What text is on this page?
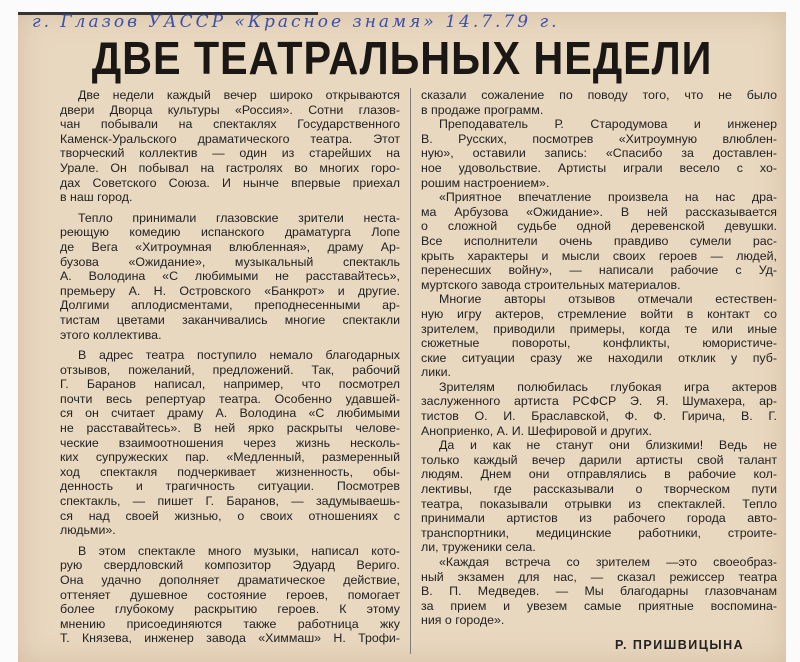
г. Глазов УАССР «Красное знамя» 14.7.79 г.
ДВЕ ТЕАТРАЛЬНЫХ НЕДЕЛИ

Две недели каждый вечер широко открываются
двери Дворца культуры «Россия». Сотни глазов-
чан побывали на спектаклях Государственного
Каменск-Уральского драматического театра. Этот
творческий коллектив — один из старейших на
Урале. Он побывал на гастролях во многих горо-
дах Советского Союза. И нынче впервые приехал
в наш город.

Тепло принимали глазовские зрители неста-
реющую комедию испанского драматурга Лопе
де Вега «Хитроумная влюбленная», драму Ар-
бузова «Ожидание», музыкальный спектакль
А. Володина «С любимыми не расставайтесь»,
премьеру А. Н. Островского «Банкрот» и другие.
Долгими аплодисментами, преподнесенными ар-
тистам цветами заканчивались многие спектакли
этого коллектива.

В адрес театра поступило немало благодарных
отзывов, пожеланий, предложений. Так, рабочий
Г. Баранов написал, например, что посмотрел
почти весь репертуар театра. Особенно удавшей-
ся он считает драму А. Володина «С любимыми
не расставайтесь». В ней ярко раскрыты челове-
ческие взаимоотношения через жизнь несколь-
ких супружеских пар. «Медленный, размеренный
ход спектакля подчеркивает жизненность, обы-
денность и трагичность ситуации. Посмотрев
спектакль, — пишет Г. Баранов, — задумываешь-
ся над своей жизнью, о своих отношениях с
людьми».

В этом спектакле много музыки, написал кото-
рую свердловский композитор Эдуард Вериго.
Она удачно дополняет драматическое действие,
оттеняет душевное состояние героев, помогает
более глубокому раскрытию героев. К этому
мнению присоединяются также работница жку
Т. Князева, инженер завода «Химмаш» Н. Трофи-

сказали сожаление по поводу того, что не было
в продаже программ.

Преподаватель Р. Стародумова и инженер
В. Русских, посмотрев «Хитроумную влюблен-
ную», оставили запись: «Спасибо за доставлен-
ное удовольствие. Артисты играли весело с хо-
рошим настроением».

«Приятное впечатление произвела на нас дра-
ма Арбузова «Ожидание». В ней рассказывается
о сложной судьбе одной деревенской девушки.
Все исполнители очень правдиво сумели рас-
крыть характеры и мысли своих героев — людей,
перенесших войну», — написали рабочие с Уд-
муртского завода строительных материалов.

Многие авторы отзывов отмечали естествен-
ную игру актеров, стремление войти в контакт со
зрителем, приводили примеры, когда те или иные
сюжетные повороты, конфликты, юмористиче-
ские ситуации сразу же находили отклик у пуб-
лики.

Зрителям полюбилась глубокая игра актеров
заслуженного артиста РСФСР Э. Я. Шумахера, ар-
тистов О. И. Браславской, Ф. Ф. Гирича, В. Г.
Анoприенко, А. И. Шефировой и других.

Да и как не станут они близкими! Ведь не
только каждый вечер дарили артисты свой талант
людям. Днем они отправлялись в рабочие кол-
лективы, где рассказывали о творческом пути
театра, показывали отрывки из спектаклей. Тепло
принимали артистов из рабочего города авто-
транспортники, медицинские работники, строите-
ли, труженики села.

«Каждая встреча со зрителем —это своеобраз-
ный экзамен для нас, — сказал режиссер театра
В. П. Медведев. — Мы благодарны глазовчанам
за прием и увезем самые приятные воспомина-
ния о городе».

Р. ПРИШВИЦЫНА
